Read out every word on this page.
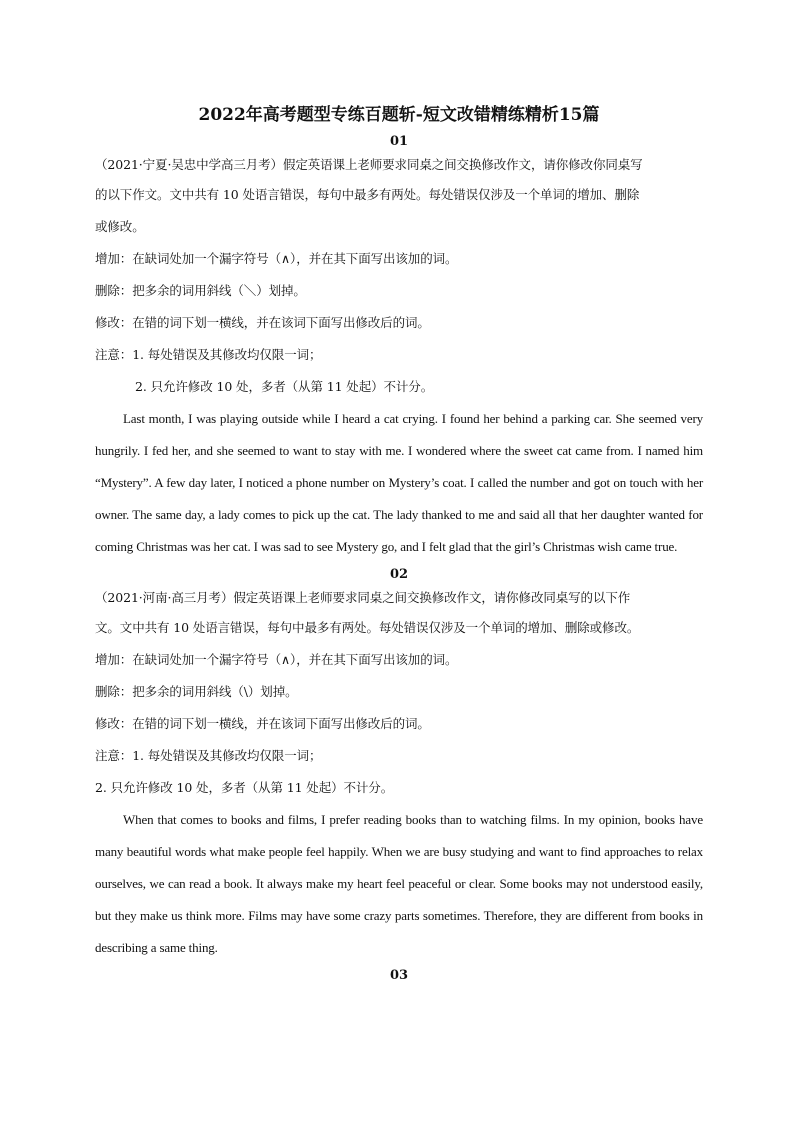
2022年高考题型专练百题斩-短文改错精练精析15篇
01
（2021·宁夏·吴忠中学高三月考）假定英语课上老师要求同桌之间交换修改作文，请你修改你同桌写
的以下作文。文中共有 10 处语言错误，每句中最多有两处。每处错误仅涉及一个单词的增加、删除
或修改。
增加：在缺词处加一个漏字符号（∧），并在其下面写出该加的词。
删除：把多余的词用斜线（＼）划掉。
修改：在错的词下划一横线，并在该词下面写出修改后的词。
注意：1. 每处错误及其修改均仅限一词；
2. 只允许修改 10 处，多者（从第 11 处起）不计分。

Last month, I was playing outside while I heard a cat crying. I found her behind a parking car. She seemed very hungrily. I fed her, and she seemed to want to stay with me. I wondered where the sweet cat came from. I named him “Mystery”. A few day later, I noticed a phone number on Mystery’s coat. I called the number and got on touch with her owner. The same day, a lady comes to pick up the cat. The lady thanked to me and said all that her daughter wanted for coming Christmas was her cat. I was sad to see Mystery go, and I felt glad that the girl’s Christmas wish came true.

02
（2021·河南·高三月考）假定英语课上老师要求同桌之间交换修改作文，请你修改同桌写的以下作
文。文中共有 10 处语言错误，每句中最多有两处。每处错误仅涉及一个单词的增加、删除或修改。
增加：在缺词处加一个漏字符号（∧），并在其下面写出该加的词。
删除：把多余的词用斜线（\）划掉。
修改：在错的词下划一横线，并在该词下面写出修改后的词。
注意：1. 每处错误及其修改均仅限一词；
2. 只允许修改 10 处，多者（从第 11 处起）不计分。

When that comes to books and films, I prefer reading books than to watching films. In my opinion, books have many beautiful words what make people feel happily. When we are busy studying and want to find approaches to relax ourselves, we can read a book. It always make my heart feel peaceful or clear. Some books may not understood easily, but they make us think more. Films may have some crazy parts sometimes. Therefore, they are different from books in describing a same thing.

03
